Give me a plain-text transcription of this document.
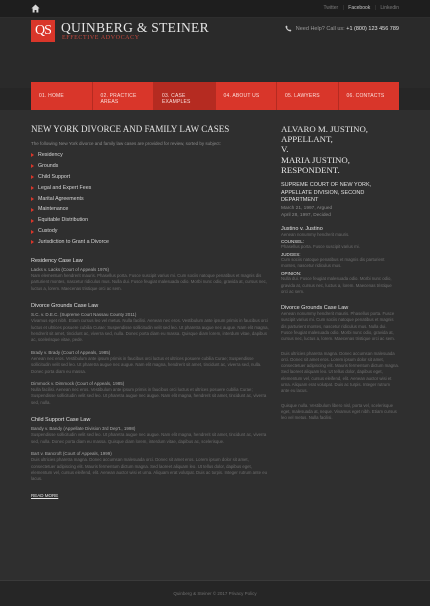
Twitter | Facebook | Linkedin
QS QUINBERG & STEINER
EFFECTIVE ADVOCACY
Need Help? Call us: +1 (800) 123 456 789
01. HOME	02. PRACTICE AREAS
03. CASE EXAMPLES
04. ABOUT US	05. LAWYERS	06. CONTACTS
NEW YORK DIVORCE AND FAMILY LAW CASES
The following New York divorce and family law cases are provided for review, sorted by subject:
Residency
Grounds
Child Support
Legal and Expert Fees
Marital Agreements
Maintenance
Equitable Distribution
Custody
Jurisdiction to Grant a Divorce
Residency Case Law
Lacks v. Lacks (Court of Appeals 1976)
Nam elementum hendrerit mauris. Phasellus porta. Fusce suscipit varius mi. Cum sociis natoque penatibus et magnis dis parturient montes, nascetur ridiculus mus. Nulla dui. Fusce feugiat malesuada odio. Morbi nunc odio, gravida at, cursus nec, luctus a, lorem. Maecenas tristique orci ac sem.
Divorce Grounds Case Law
S.C. v. D.E.C. (Supreme Court Nassau County 2011)
Vivamus eget nibh. Etiam cursus leo vel metus. Nulla facilisi. Aenean nec eros. Vestibulum ante ipsum primis in faucibus orci luctus et ultrices posuere cubilia Curae; Suspendisse sollicitudin velit sed leo. Ut pharetra augue nec augue. Nam elit magna, hendrerit sit amet, tincidunt ac, viverra sed, nulla. Donec porta diam eu massa. Quisque diam lorem, interdum vitae, dapibus ac, scelerisque vitae, pede.
Brady v. Brady (Court of Appeals, 1985)
Aenean nec eros. Vestibulum ante ipsum primis in faucibus orci luctus et ultrices posuere cubilia Curae; Suspendisse sollicitudin velit sed leo. Ut pharetra augue nec augue. Nam elit magna, hendrerit sit amet, tincidunt ac, viverra sed, nulla. Donec porta diam eu massa.
Dimmock v. Dimmock (Court of Appeals, 1985)
Nulla facilisi. Aenean nec eros. Vestibulum ante ipsum primis in faucibus orci luctus et ultrices posuere cubilia Curae; Suspendisse sollicitudin velit sed leo. Ut pharetra augue nec augue. Nam elit magna, hendrerit sit amet, tincidunt ac, viverra sed, nulla.
Child Support Case Law
Bandy v. Bandy (Appellate Division 3rd Dep't., 1998)
Suspendisse sollicitudin velit sed leo. Ut pharetra augue nec augue. Nam elit magna, hendrerit sit amet, tincidunt ac, viverra sed, nulla. Donec porta diam eu massa. Quisque diam lorem, interdum vitae, dapibus ac, scelerisque.
Bart v. Bancroft (Court of Appeals, 1999)
Duis ultricies pharetra magna. Donec accumsan malesuada orci. Donec sit amet eros. Lorem ipsum dolor sit amet, consectetuer adipiscing elit. Mauris fermentum dictum magna. Sed laoreet aliquam leo. Ut tellus dolor, dapibus eget, elementum vel, cursus eleifend, elit. Aenean auctor wisi et urna. Aliquam erat volutpat. Duis ac turpis. Integer rutrum ante eu lacus.
READ MORE
ALVARO M. JUSTINO,
APPELLANT,
V.
MARIA JUSTINO,
RESPONDENT.
SUPREME COURT OF NEW YORK, APPELLATE DIVISION, SECOND DEPARTMENT
March 21, 1997, Argued
April 28, 1997, Decided
Justino v. Justino
Aenean nonummy hendrerit mauris.
COUNSEL:
Phasellus porta. Fusce suscipit varius mi.
JUDGES:
Cum sociis natoque penatibus et magnis dis parturient montes, nascetur ridiculus mus.
OPINION:
Nulla dui. Fusce feugiat malesuada odio. Morbi nunc odio, gravida at, cursus nec, luctus a, lorem. Maecenas tristique orci ac sem.
Divorce Grounds Case Law
Aenean nonummy hendrerit mauris. Phasellus porta. Fusce suscipit varius mi. Cum sociis natoque penatibus et magnis dis parturient montes, nascetur ridiculus mus. Nulla dui. Fusce feugiat malesuada odio. Morbi nunc odio, gravida at, cursus nec, luctus a, lorem. Maecenas tristique orci ac sem.
Duis ultricies pharetra magna. Donec accumsan malesuada orci. Donec sit amet eros. Lorem ipsum dolor sit amet, consectetuer adipiscing elit. Mauris fermentum dictum magna. Sed laoreet aliquam leo. Ut tellus dolor, dapibus eget, elementum vel, cursus eleifend, elit. Aenean auctor wisi et urna. Aliquam erat volutpat. Duis ac turpis. Integer rutrum ante eu lacus.
Quisque nulla. Vestibulum libero nisl, porta vel, scelerisque eget, malesuada at, neque. Vivamus eget nibh. Etiam cursus leo vel metus. Nulla facilisi.
Quinberg & Steiner © 2017 Privacy Policy
